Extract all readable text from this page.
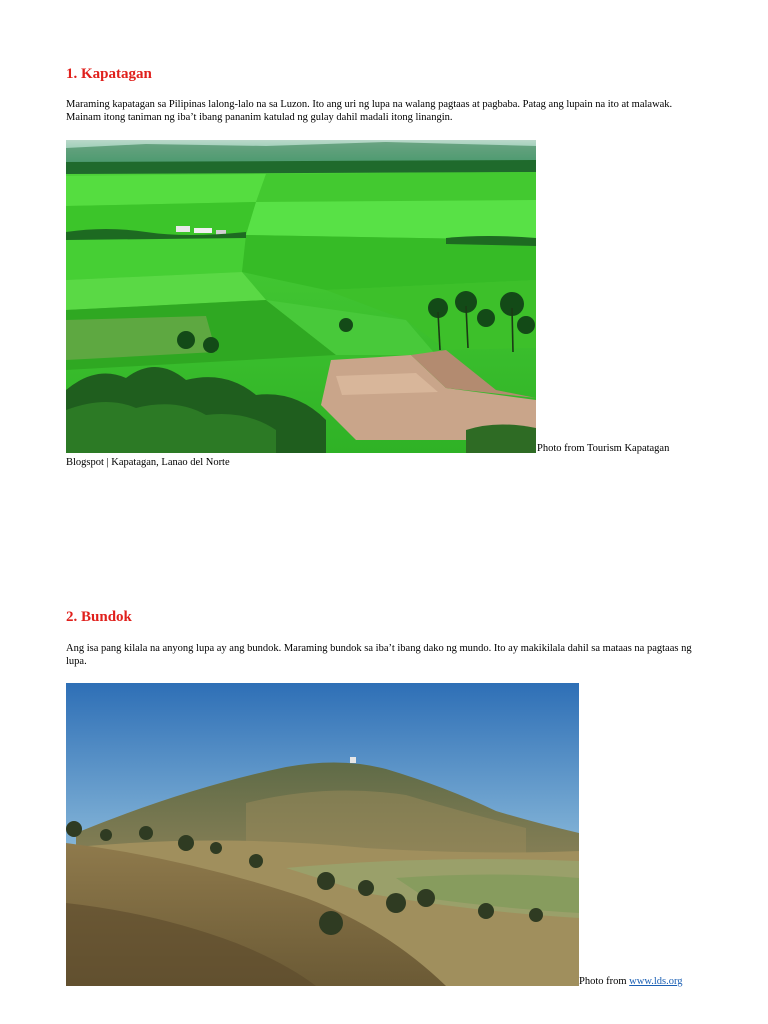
1. Kapatagan

Maraming kapatagan sa Pilipinas lalong-lalo na sa Luzon. Ito ang uri ng lupa na walang pagtaas at pagbaba. Patag ang lupain na ito at malawak. Mainam itong taniman ng iba’t ibang pananim katulad ng gulay dahil madali itong linangin.

Photo from Tourism Kapatagan
Blogspot | Kapatagan, Lanao del Norte
2. Bundok

Ang isa pang kilala na anyong lupa ay ang bundok. Maraming bundok sa iba’t ibang dako ng mundo. Ito ay makikilala dahil sa mataas na pagtaas ng lupa.

Photo from www.lds.org
